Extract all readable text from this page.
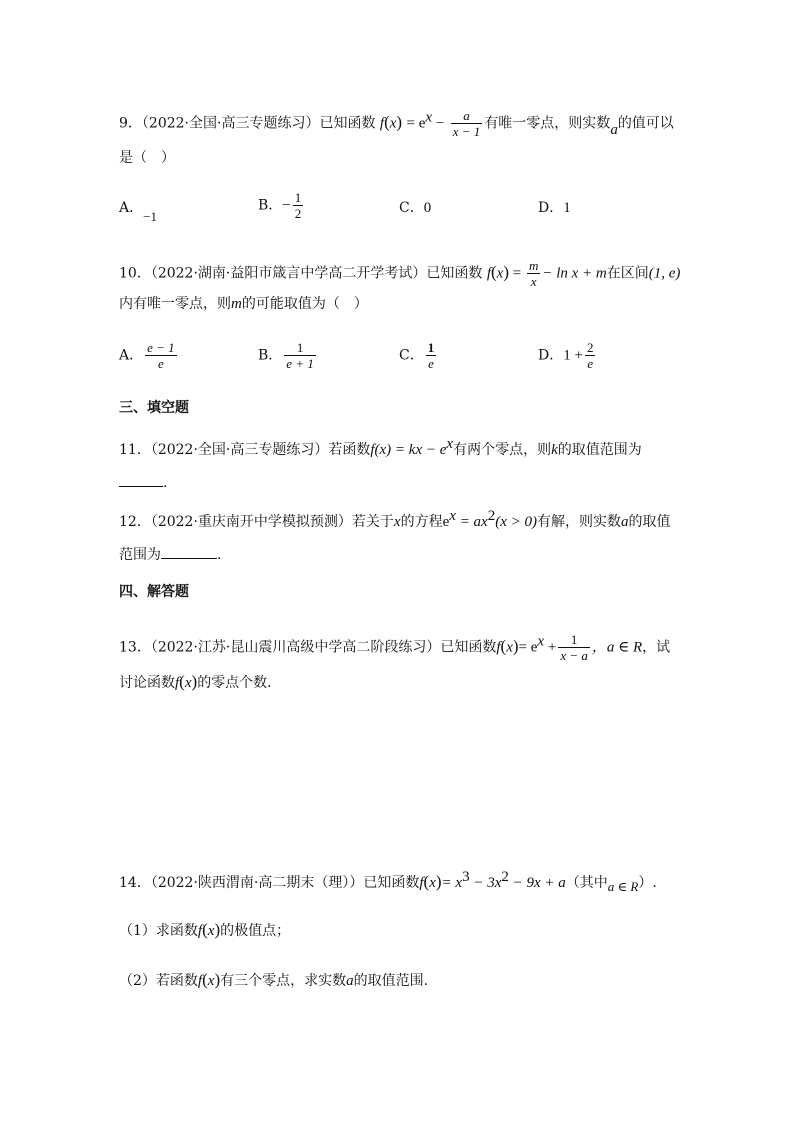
9．（2022·全国·高三专题练习）已知函数 $f(x) = e^x - \frac{a}{x - 1}$ 有唯一零点，则实数a的值可以
是（　）
A．−1
B．− $\frac{1}{2}$	C．0	D．1
10．（2022·湖南·益阳市箴言中学高二开学考试）已知函数 $f(x) = \frac{m}{x} - \ln x + m$在区间(1, e)
内有唯一零点，则m的可能取值为（　）
A． $\frac{e - 1}{e}$	B． $\frac{1}{e + 1}$	C． $\frac{1}{e}$	D．$1 + \frac{2}{e}$
三、填空题
11．（2022·全国·高三专题练习）若函数f(x) = kx − $e^x$有两个零点，则k的取值范围为
.
12．（2022·重庆南开中学模拟预测）若关于x的方程$e^x = ax^2(x > 0)$有解，则实数a的取值
范围为	.
四、解答题
13．（2022·江苏·昆山震川高级中学高二阶段练习）已知函数$f(x)= e^x + \frac{1}{x - a}$ ，a ∈ R，试
讨论函数f(x)的零点个数.
14．（2022·陕西渭南·高二期末（理））已知函数$f(x)= x^3 - 3x^2 - 9x + a$（其中a ∈ R）.
（1）求函数f(x)的极值点；
（2）若函数f(x)有三个零点，求实数a的取值范围.
